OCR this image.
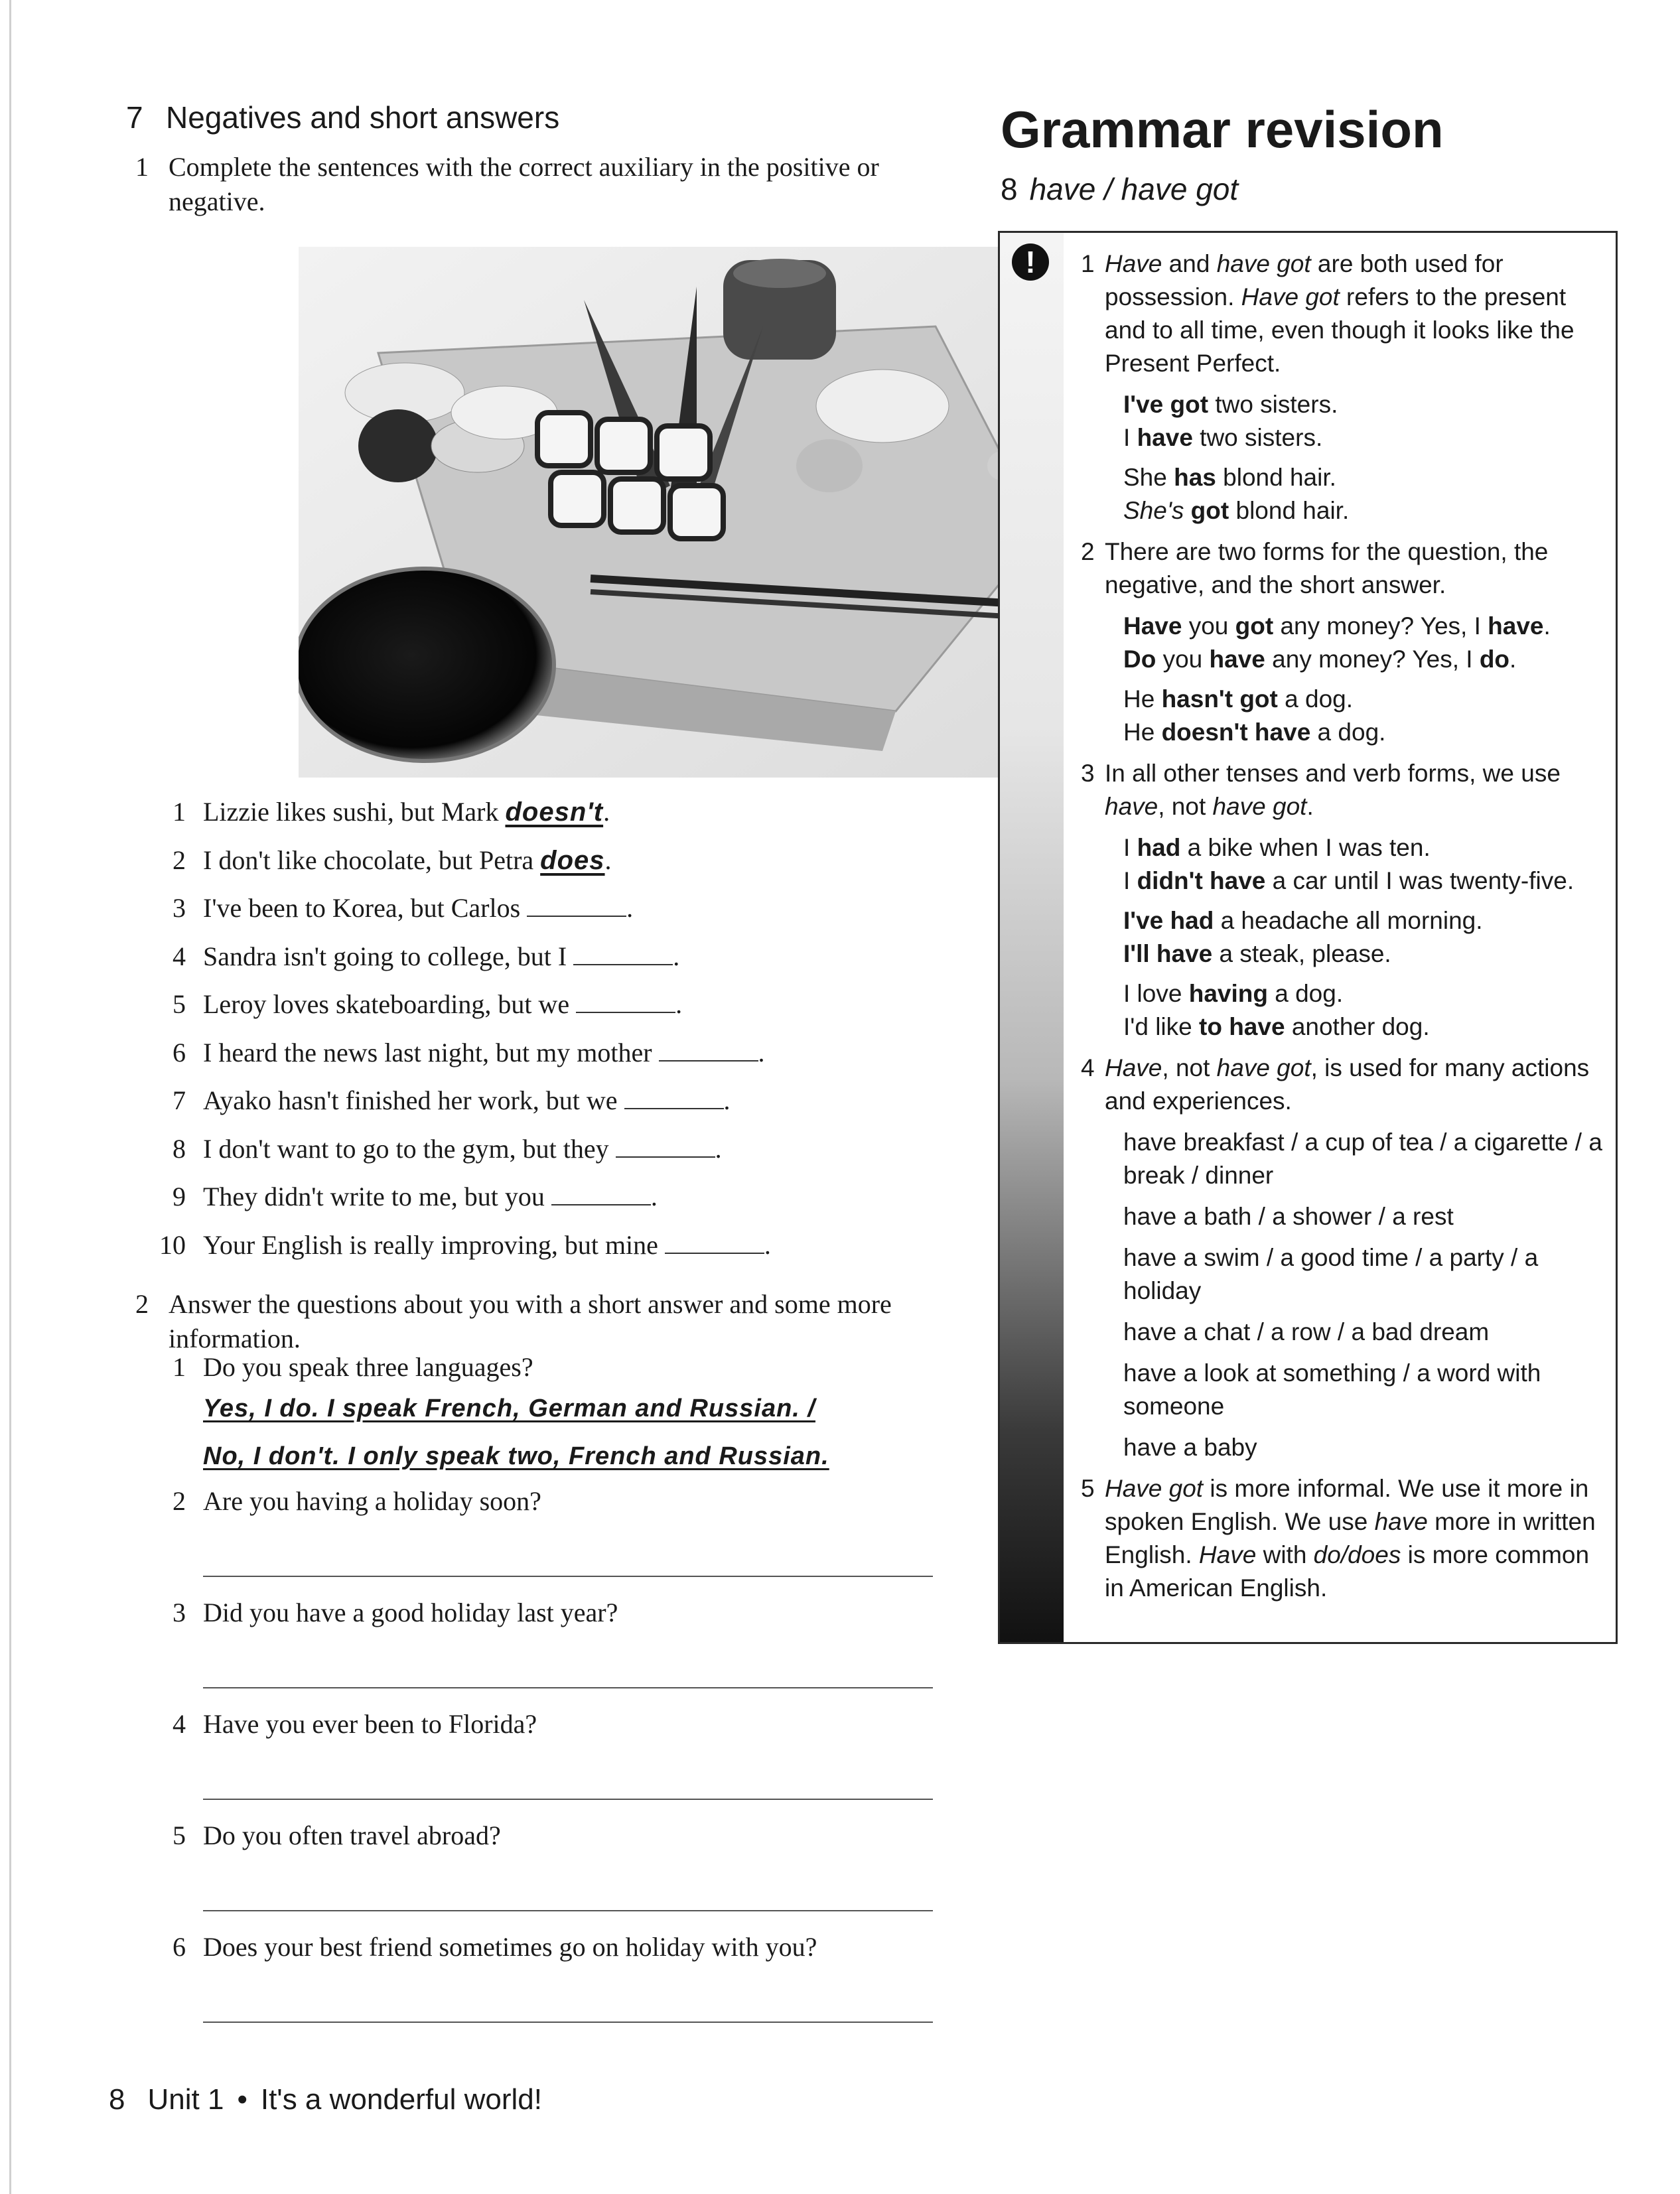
7 Negatives and short answers
1 Complete the sentences with the correct auxiliary in the positive or negative.
1 Lizzie likes sushi, but Mark doesn't.
2 I don't like chocolate, but Petra does.
3 I've been to Korea, but Carlos	.
4 Sandra isn't going to college, but I	.
5 Leroy loves skateboarding, but we	.
6 I heard the news last night, but my mother	.
7 Ayako hasn't finished her work, but we	.
8 I don't want to go to the gym, but they	.
9 They didn't write to me, but you	.
10 Your English is really improving, but mine	.
2 Answer the questions about you with a short answer and some more information.
1 Do you speak three languages?
Yes, I do. I speak French, German and Russian. /
No, I don't. I only speak two, French and Russian.
2 Are you having a holiday soon?
3 Did you have a good holiday last year?
4 Have you ever been to Florida?
5 Do you often travel abroad?
6 Does your best friend sometimes go on holiday with you?
Grammar revision
8 have / have got
!	1 Have and have got are both used for possession. Have got refers to the present and to all time, even though it looks like the Present Perfect.
I've got two sisters.
I have two sisters.
She has blond hair.
She's got blond hair.
2 There are two forms for the question, the negative, and the short answer.
Have you got any money? Yes, I have.
Do you have any money? Yes, I do.
He hasn't got a dog.
He doesn't have a dog.
3 In all other tenses and verb forms, we use have, not have got.
I had a bike when I was ten.
I didn't have a car until I was twenty-five.
I've had a headache all morning.
I'll have a steak, please.
I love having a dog.
I'd like to have another dog.
4 Have, not have got, is used for many actions and experiences.
have breakfast / a cup of tea / a cigarette / a break / dinner
have a bath / a shower / a rest
have a swim / a good time / a party / a holiday
have a chat / a row / a bad dream
have a look at something / a word with someone
have a baby
5 Have got is more informal. We use it more in spoken English. We use have more in written English. Have with do/does is more common in American English.
8 Unit 1 • It's a wonderful world!
